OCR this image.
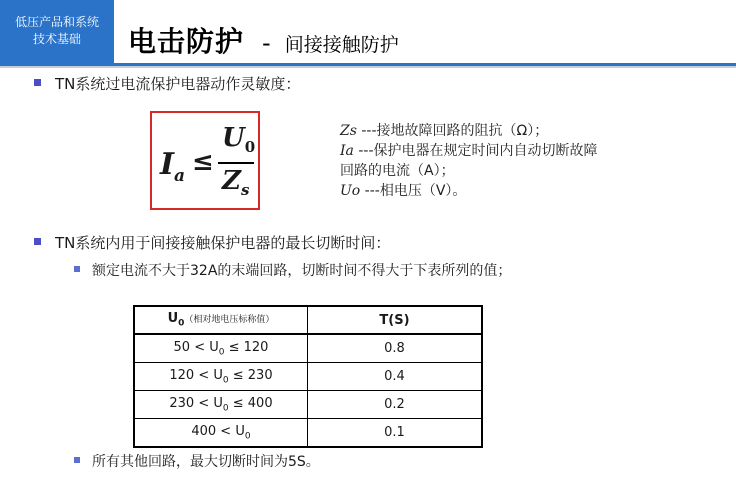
低压产品和系统
技术基础	电击防护 - 间接接触防护
TN系统过电流保护电器动作灵敏度：
$I_a$ ≤
$U_0$
$Z_s$
Zs ---接地故障回路的阻抗（Ω）；
Ia ---保护电器在规定时间内自动切断故障
回路的电流（A）；
Uo ---相电压（V）。
TN系统内用于间接接触保护电器的最长切断时间：
额定电流不大于32A的末端回路，切断时间不得大于下表所列的值；
$U_0$（相对地电压标称值）	T(S)
$50 < U_0 \le 120$	0.8
$120 < U_0 \le 230$	0.4
$230 < U_0 \le 400$	0.2
$400 < U_0$	0.1
所有其他回路，最大切断时间为5S。
